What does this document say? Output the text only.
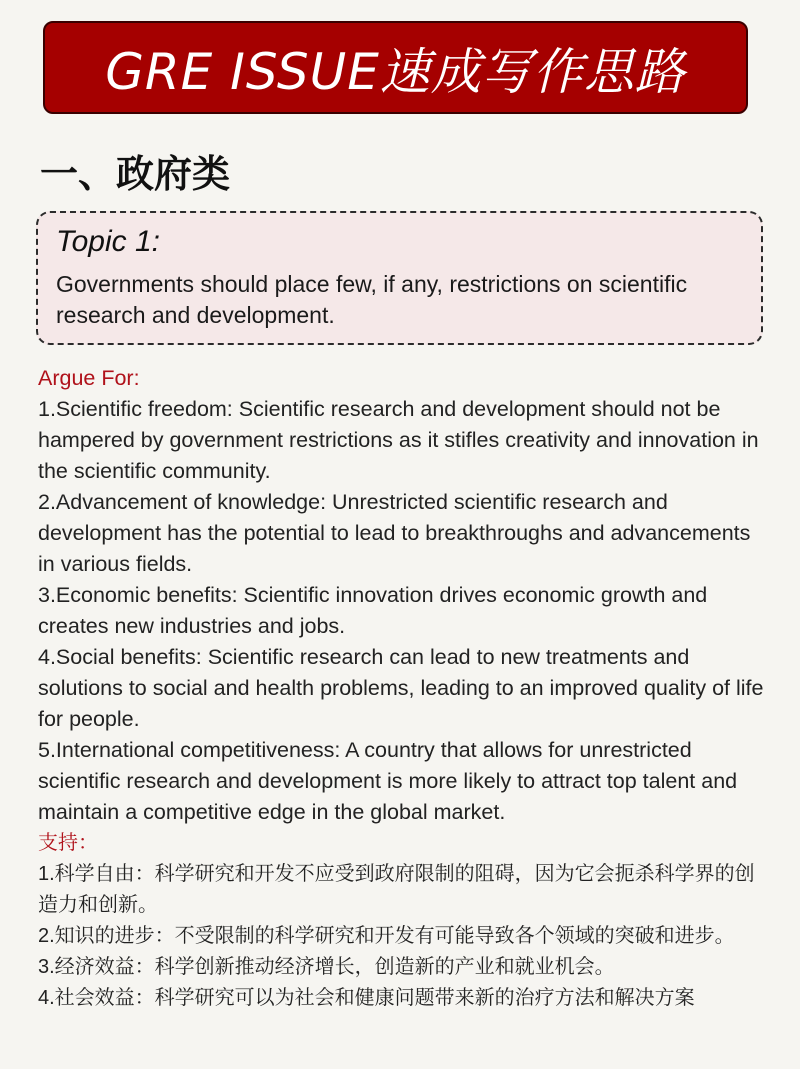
GRE ISSUE速成写作思路
一、政府类
Topic 1:
Governments should place few, if any, restrictions on scientific research and development.
Argue For:

1.Scientific freedom: Scientific research and development should not be hampered by government restrictions as it stifles creativity and innovation in the scientific community.

2.Advancement of knowledge: Unrestricted scientific research and development has the potential to lead to breakthroughs and advancements in various fields.

3.Economic benefits: Scientific innovation drives economic growth and creates new industries and jobs.

4.Social benefits: Scientific research can lead to new treatments and solutions to social and health problems, leading to an improved quality of life for people.

5.International competitiveness: A country that allows for unrestricted scientific research and development is more likely to attract top talent and maintain a competitive edge in the global market.

支持：

1.科学自由：科学研究和开发不应受到政府限制的阻碍，因为它会扼杀科学界的创造力和创新。

2.知识的进步：不受限制的科学研究和开发有可能导致各个领域的突破和进步。

3.经济效益：科学创新推动经济增长，创造新的产业和就业机会。

4.社会效益：科学研究可以为社会和健康问题带来新的治疗方法和解决方案
